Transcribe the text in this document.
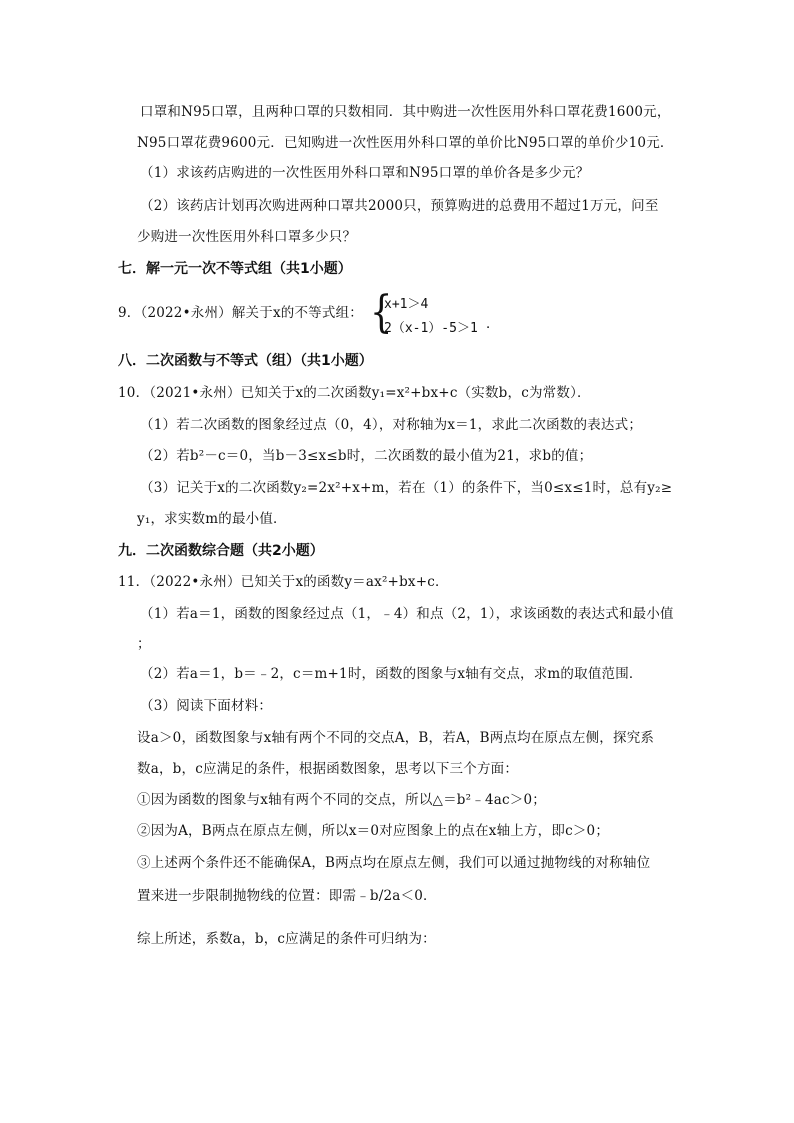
口罩和N95口罩，且两种口罩的只数相同．其中购进一次性医用外科口罩花费1600元，
N95口罩花费9600元．已知购进一次性医用外科口罩的单价比N95口罩的单价少10元．
（1）求该药店购进的一次性医用外科口罩和N95口罩的单价各是多少元？
（2）该药店计划再次购进两种口罩共2000只，预算购进的总费用不超过1万元，问至
少购进一次性医用外科口罩多少只？
七．解一元一次不等式组（共1小题）
9．（2022•永州）解关于x的不等式组： {
x+1＞4
2（x-1）-5＞1 ．
八．二次函数与不等式（组）（共1小题）
10．（2021•永州）已知关于x的二次函数y₁=x²+bx+c（实数b，c为常数）．
（1）若二次函数的图象经过点（0，4），对称轴为x＝1，求此二次函数的表达式；
（2）若b²－c＝0，当b－3≤x≤b时，二次函数的最小值为21，求b的值；
（3）记关于x的二次函数y₂=2x²+x+m，若在（1）的条件下，当0≤x≤1时，总有y₂≥
y₁，求实数m的最小值．
九．二次函数综合题（共2小题）
11．（2022•永州）已知关于x的函数y＝ax²+bx+c．
（1）若a＝1，函数的图象经过点（1，﹣4）和点（2，1），求该函数的表达式和最小值
；
（2）若a＝1，b＝﹣2，c＝m+1时，函数的图象与x轴有交点，求m的取值范围．
（3）阅读下面材料：
设a＞0，函数图象与x轴有两个不同的交点A，B，若A，B两点均在原点左侧，探究系
数a，b，c应满足的条件，根据函数图象，思考以下三个方面：
①因为函数的图象与x轴有两个不同的交点，所以△＝b²﹣4ac＞0；
②因为A，B两点在原点左侧，所以x＝0对应图象上的点在x轴上方，即c＞0；
③上述两个条件还不能确保A，B两点均在原点左侧，我们可以通过抛物线的对称轴位
置来进一步限制抛物线的位置：即需﹣b/2a＜0．
综上所述，系数a，b，c应满足的条件可归纳为：
